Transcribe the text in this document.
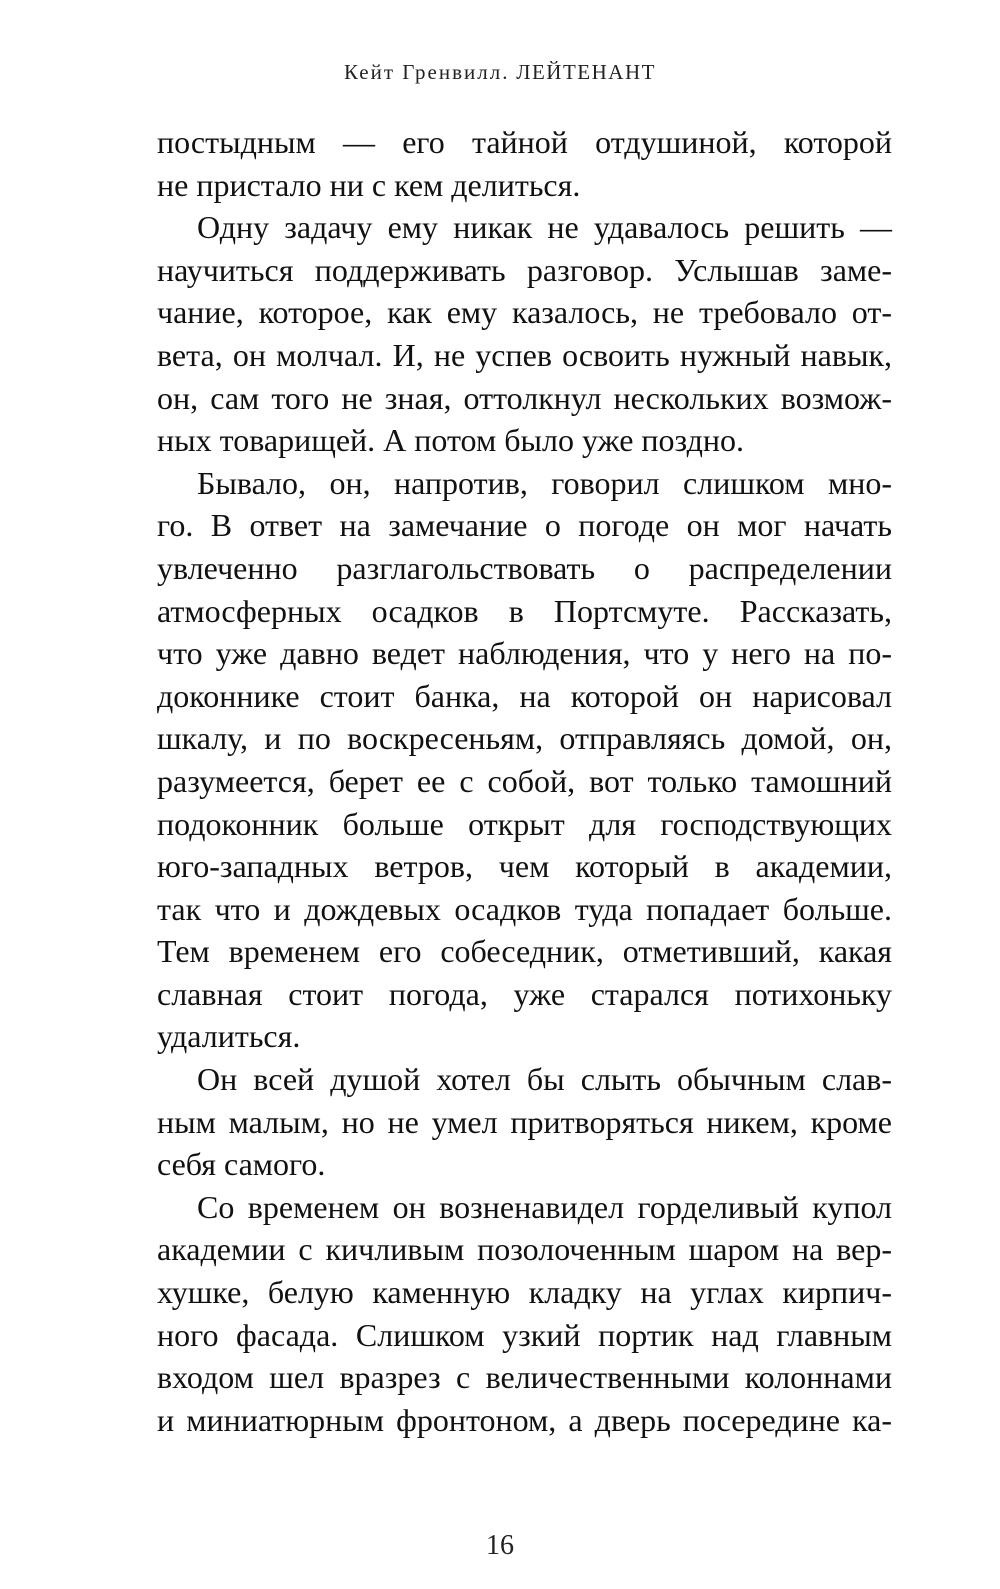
Кейт Гренвилл. ЛЕЙТЕНАНТ
постыдным — его тайной отдушиной, которой
не пристало ни с кем делиться.
Одну задачу ему никак не удавалось решить —
научиться поддерживать разговор. Услышав заме-
чание, которое, как ему казалось, не требовало от-
вета, он молчал. И, не успев освоить нужный навык,
он, сам того не зная, оттолкнул нескольких возмож-
ных товарищей. А потом было уже поздно.
Бывало, он, напротив, говорил слишком мно-
го. В ответ на замечание о погоде он мог начать
увлеченно разглагольствовать о распределении
атмосферных осадков в Портсмуте. Рассказать,
что уже давно ведет наблюдения, что у него на по-
доконнике стоит банка, на которой он нарисовал
шкалу, и по воскресеньям, отправляясь домой, он,
разумеется, берет ее с собой, вот только тамошний
подоконник больше открыт для господствующих
юго-западных ветров, чем который в академии,
так что и дождевых осадков туда попадает больше.
Тем временем его собеседник, отметивший, какая
славная стоит погода, уже старался потихоньку
удалиться.
Он всей душой хотел бы слыть обычным слав-
ным малым, но не умел притворяться никем, кроме
себя самого.
Со временем он возненавидел горделивый купол
академии с кичливым позолоченным шаром на вер-
хушке, белую каменную кладку на углах кирпич-
ного фасада. Слишком узкий портик над главным
входом шел вразрез с величественными колоннами
и миниатюрным фронтоном, а дверь посередине ка-
16
